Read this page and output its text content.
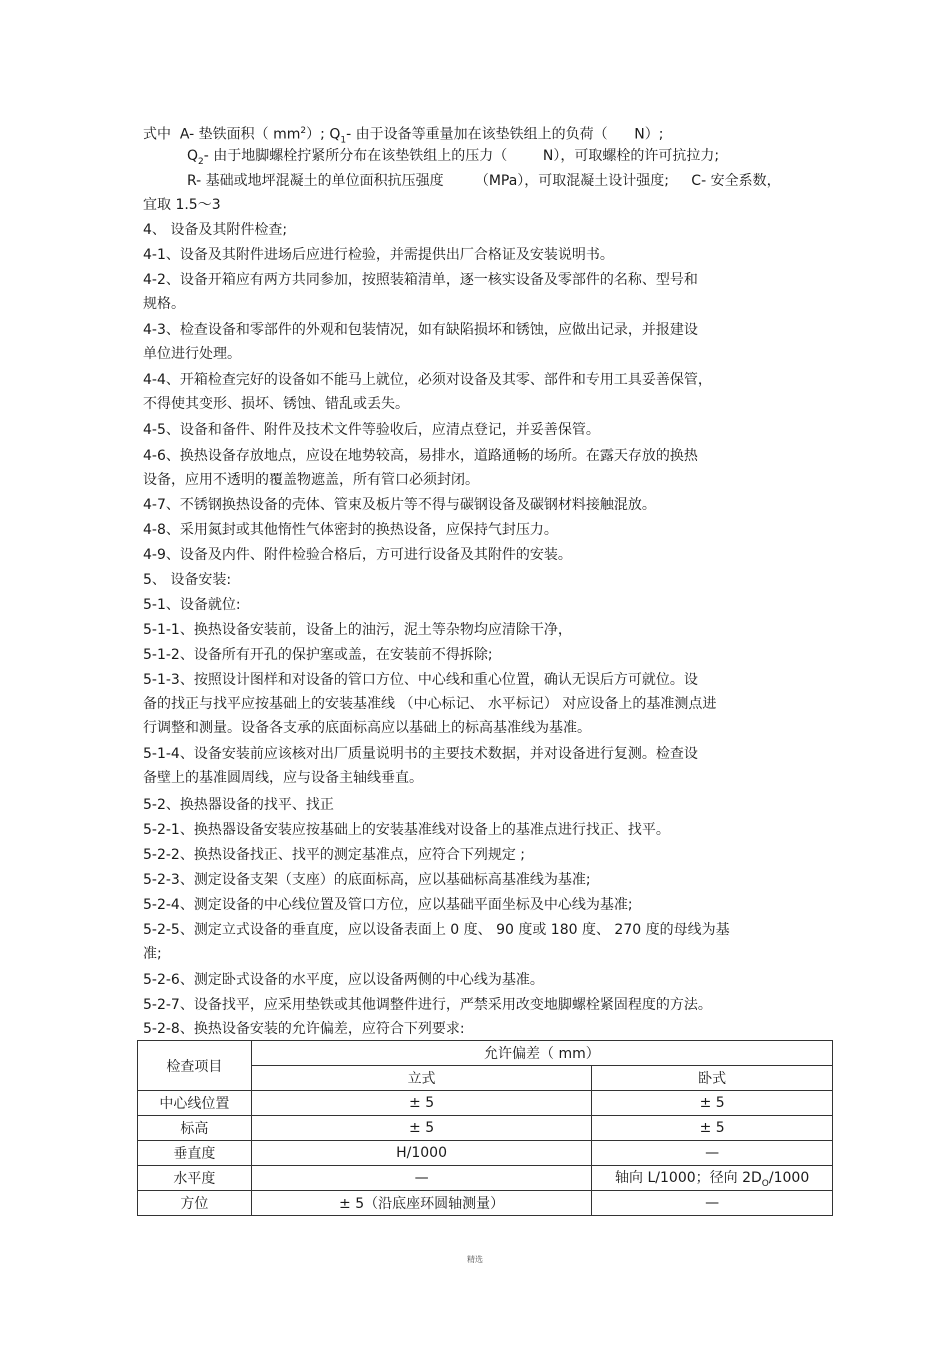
式中 A- 垫铁面积（ $mm^2$）; $Q_1-$ 由于设备等重量加在该垫铁组上的负荷（ N）;
$Q_2-$ 由于地脚螺栓拧紧所分布在该垫铁组上的压力（	N），可取螺栓的许可抗拉力;
R- 基础或地坪混凝土的单位面积抗压强度 （MPa），可取混凝土设计强度; C- 安全系数，
宜取 1.5～3
4、 设备及其附件检查;
4-1、设备及其附件进场后应进行检验，并需提供出厂合格证及安装说明书。
4-2、设备开箱应有两方共同参加，按照装箱清单，逐一核实设备及零部件的名称、型号和
规格。
4-3、检查设备和零部件的外观和包装情况，如有缺陷损坏和锈蚀，应做出记录，并报建设
单位进行处理。
4-4、开箱检查完好的设备如不能马上就位，必须对设备及其零、部件和专用工具妥善保管，
不得使其变形、损坏、锈蚀、错乱或丢失。
4-5、设备和备件、附件及技术文件等验收后，应清点登记，并妥善保管。
4-6、换热设备存放地点，应设在地势较高，易排水，道路通畅的场所。在露天存放的换热
设备，应用不透明的覆盖物遮盖，所有管口必须封闭。
4-7、不锈钢换热设备的壳体、管束及板片等不得与碳钢设备及碳钢材料接触混放。
4-8、采用氮封或其他惰性气体密封的换热设备，应保持气封压力。
4-9、设备及内件、附件检验合格后，方可进行设备及其附件的安装。
5、 设备安装:
5-1、设备就位:
5-1-1、换热设备安装前，设备上的油污，泥土等杂物均应清除干净，
5-1-2、设备所有开孔的保护塞或盖，在安装前不得拆除;
5-1-3、按照设计图样和对设备的管口方位、中心线和重心位置，确认无误后方可就位。设
备的找正与找平应按基础上的安装基准线 （中心标记、 水平标记） 对应设备上的基准测点进
行调整和测量。设备各支承的底面标高应以基础上的标高基准线为基准。
5-1-4、设备安装前应该核对出厂质量说明书的主要技术数据，并对设备进行复测。检查设
备壁上的基准圆周线，应与设备主轴线垂直。
5-2、换热器设备的找平、找正
5-2-1、换热器设备安装应按基础上的安装基准线对设备上的基准点进行找正、找平。
5-2-2、换热设备找正、找平的测定基准点，应符合下列规定 ;
5-2-3、测定设备支架（支座）的底面标高，应以基础标高基准线为基准;
5-2-4、测定设备的中心线位置及管口方位，应以基础平面坐标及中心线为基准;
5-2-5、测定立式设备的垂直度，应以设备表面上 0 度、 90 度或 180 度、 270 度的母线为基
准;
5-2-6、测定卧式设备的水平度，应以设备两侧的中心线为基准。
5-2-7、设备找平，应采用垫铁或其他调整件进行，严禁采用改变地脚螺栓紧固程度的方法。
5-2-8、换热设备安装的允许偏差，应符合下列要求:
检查项目	允许偏差（ mm）	
	立式	卧式
中心线位置	± 5	± 5
标高	± 5	± 5
垂直度	H/1000	—
水平度	—	轴向 L/1000；径向 $2D_O/1000$
方位	± 5（沿底座环圆轴测量）	—
精选
